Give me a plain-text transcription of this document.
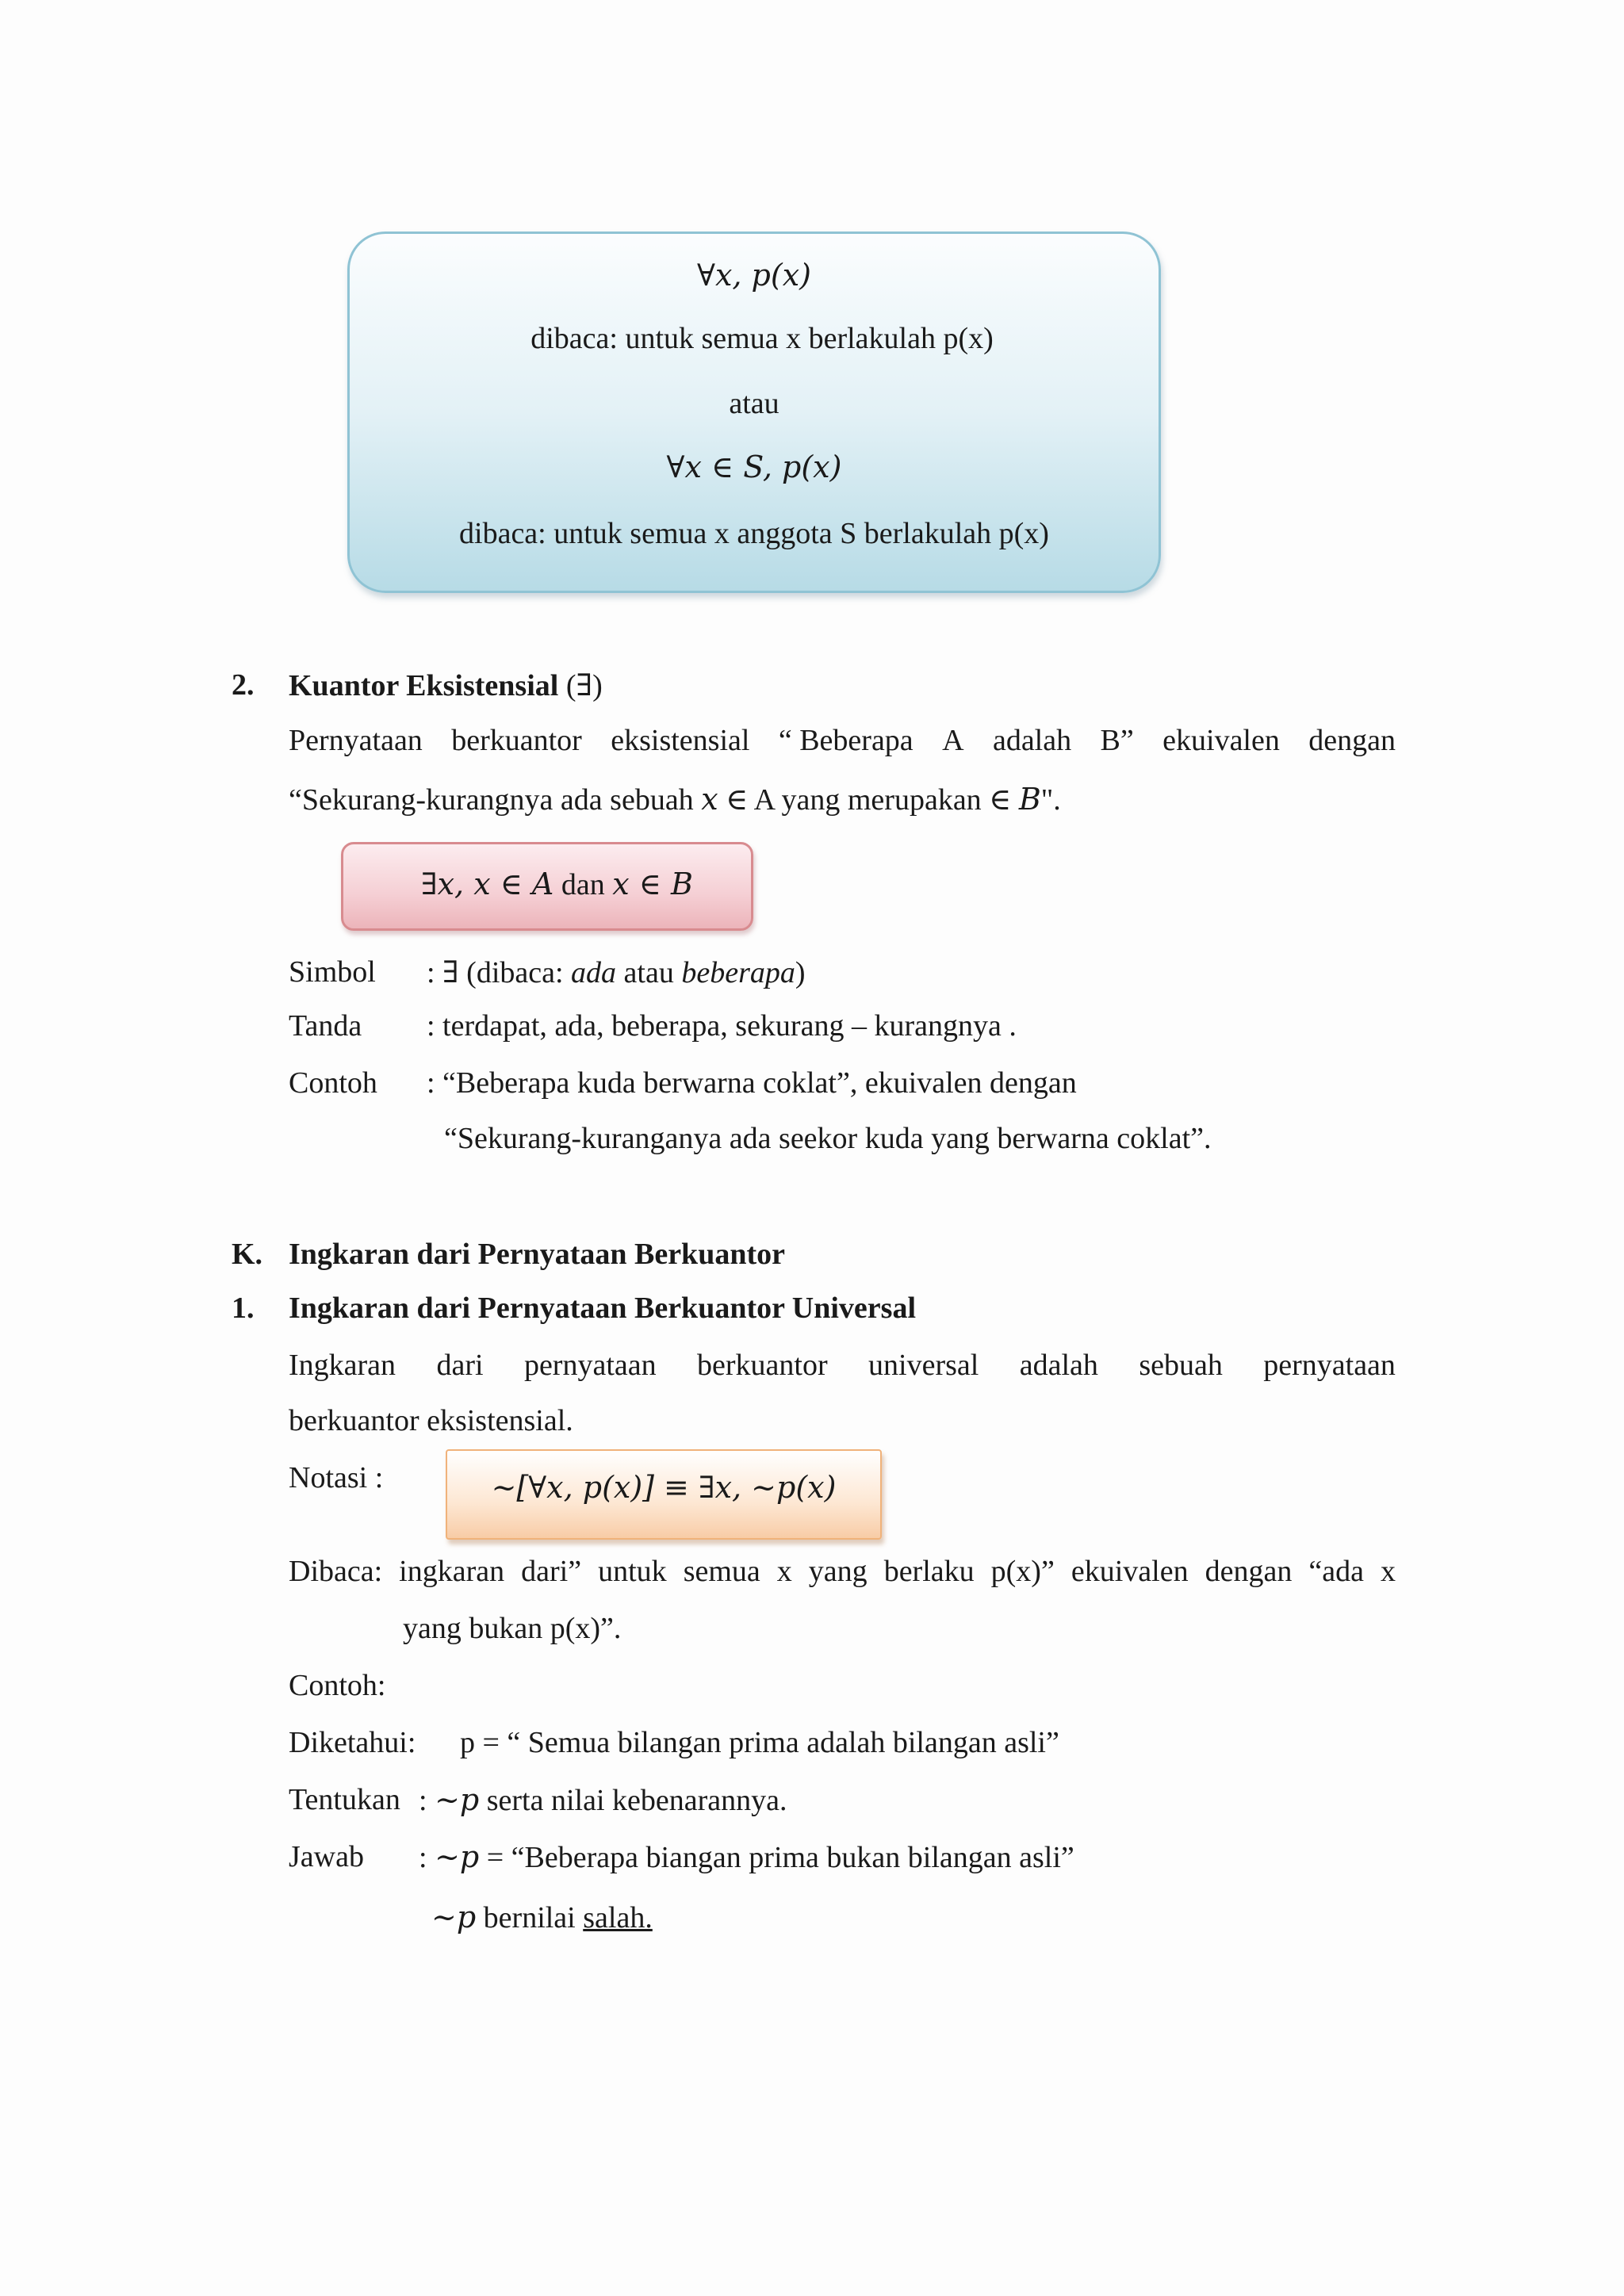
∀x, p(x)
dibaca: untuk semua x berlakulah p(x)
atau
∀x ∈ S, p(x)
dibaca: untuk semua x anggota S berlakulah p(x)
2. Kuantor Eksistensial (∃)
Pernyataan berkuantor eksistensial “ Beberapa A adalah B” ekuivalen dengan
“Sekurang-kurangnya ada sebuah x ∈ A yang merupakan ∈ B".
∃x, x ∈ A dan x ∈ B
Simbol : ∃ (dibaca: ada atau beberapa)
Tanda : terdapat, ada, beberapa, sekurang – kurangnya .
Contoh : “Beberapa kuda berwarna coklat”, ekuivalen dengan
“Sekurang-kuranganya ada seekor kuda yang berwarna coklat”.
K. Ingkaran dari Pernyataan Berkuantor
1. Ingkaran dari Pernyataan Berkuantor Universal
Ingkaran dari pernyataan berkuantor universal adalah sebuah pernyataan
berkuantor eksistensial.
Notasi :	~[∀x, p(x)] ≡ ∃x, ~p(x)
Dibaca: ingkaran dari” untuk semua x yang berlaku p(x)” ekuivalen dengan “ada x
yang bukan p(x)”.
Contoh:
Diketahui: p = “ Semua bilangan prima adalah bilangan asli”
Tentukan : ~p serta nilai kebenarannya.
Jawab : ~p = “Beberapa biangan prima bukan bilangan asli”
~p bernilai salah.
